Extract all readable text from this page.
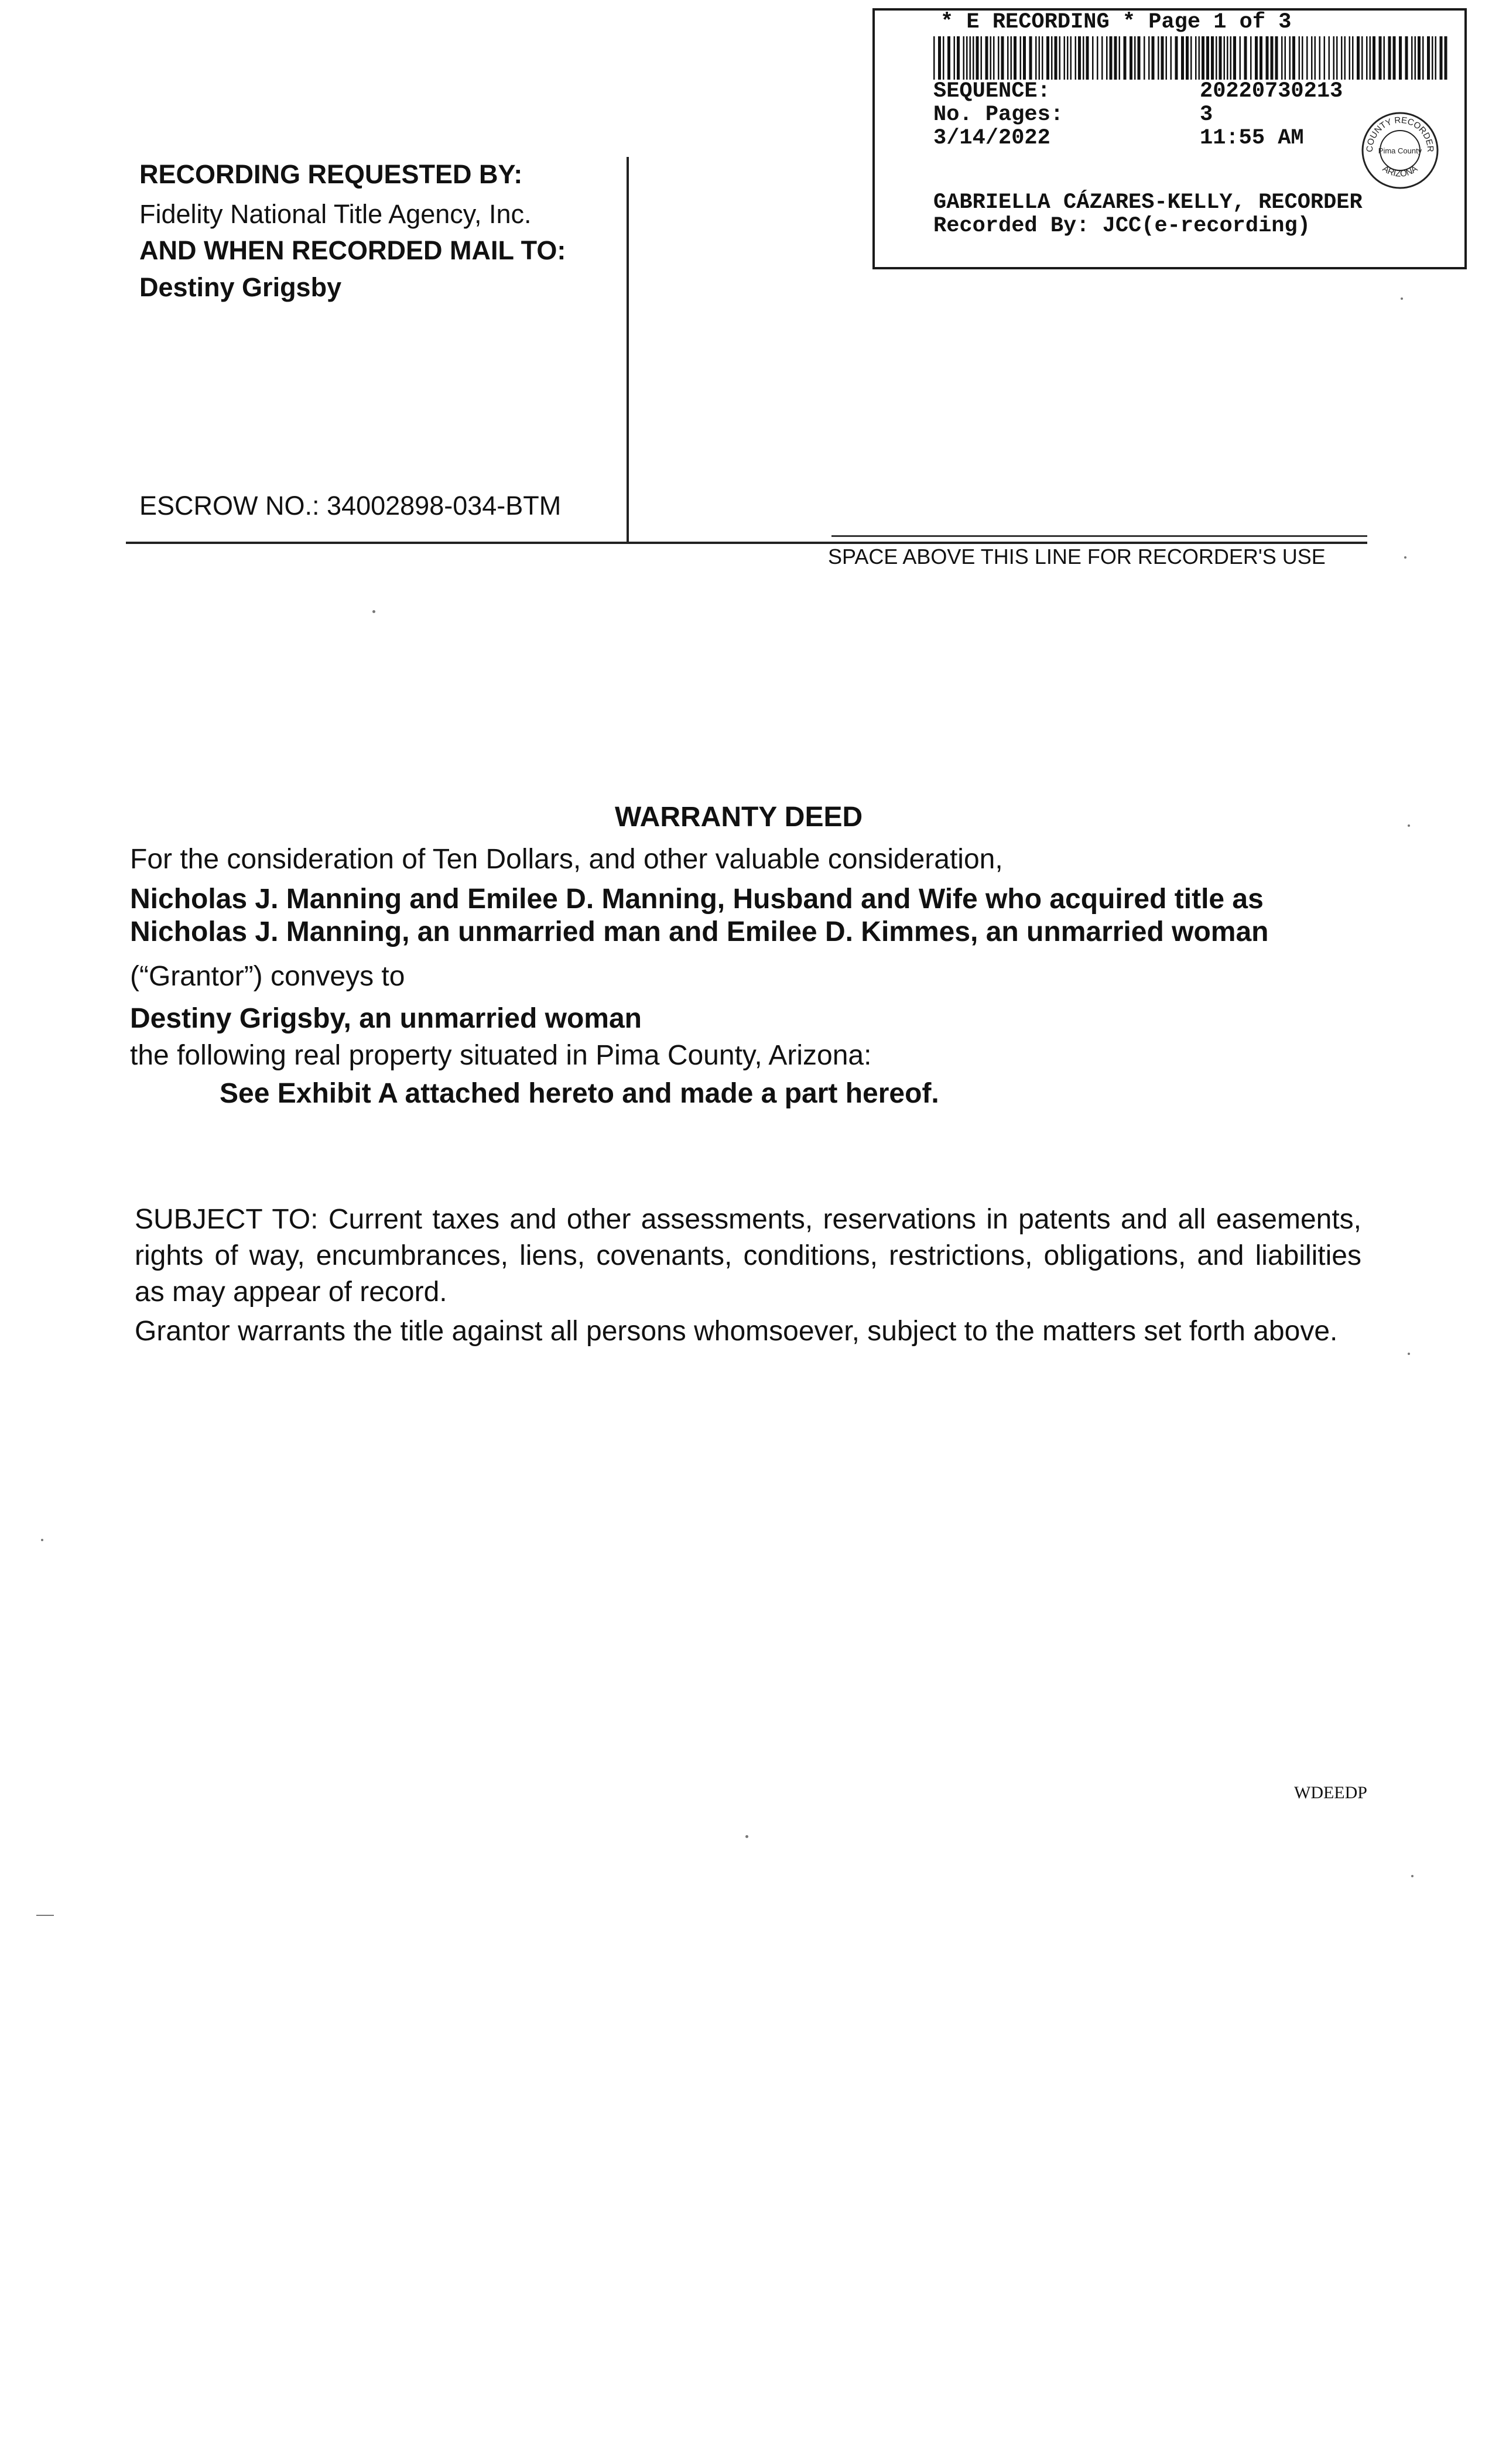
* E RECORDING * Page 1 of 3
SEQUENCE:	20220730213
No. Pages:	3
3/14/2022	11:55 AM	COUNTY RECORDER
ARIZONA
Pima County
GABRIELLA CÁZARES-KELLY, RECORDER
Recorded By: JCC(e-recording)
RECORDING REQUESTED BY:
Fidelity National Title Agency, Inc.
AND WHEN RECORDED MAIL TO:
Destiny Grigsby
ESCROW NO.: 34002898-034-BTM
SPACE ABOVE THIS LINE FOR RECORDER'S USE
WARRANTY DEED
For the consideration of Ten Dollars, and other valuable consideration,
Nicholas J. Manning and Emilee D. Manning, Husband and Wife who acquired title as
Nicholas J. Manning, an unmarried man and Emilee D. Kimmes, an unmarried woman
(“Grantor”) conveys to
Destiny Grigsby, an unmarried woman
the following real property situated in Pima County, Arizona:
See Exhibit A attached hereto and made a part hereof.
SUBJECT TO: Current taxes and other assessments, reservations in patents and all easements, rights of way, encumbrances, liens, covenants, conditions, restrictions, obligations, and liabilities as may appear of record.
Grantor warrants the title against all persons whomsoever, subject to the matters set forth above.
WDEEDP
